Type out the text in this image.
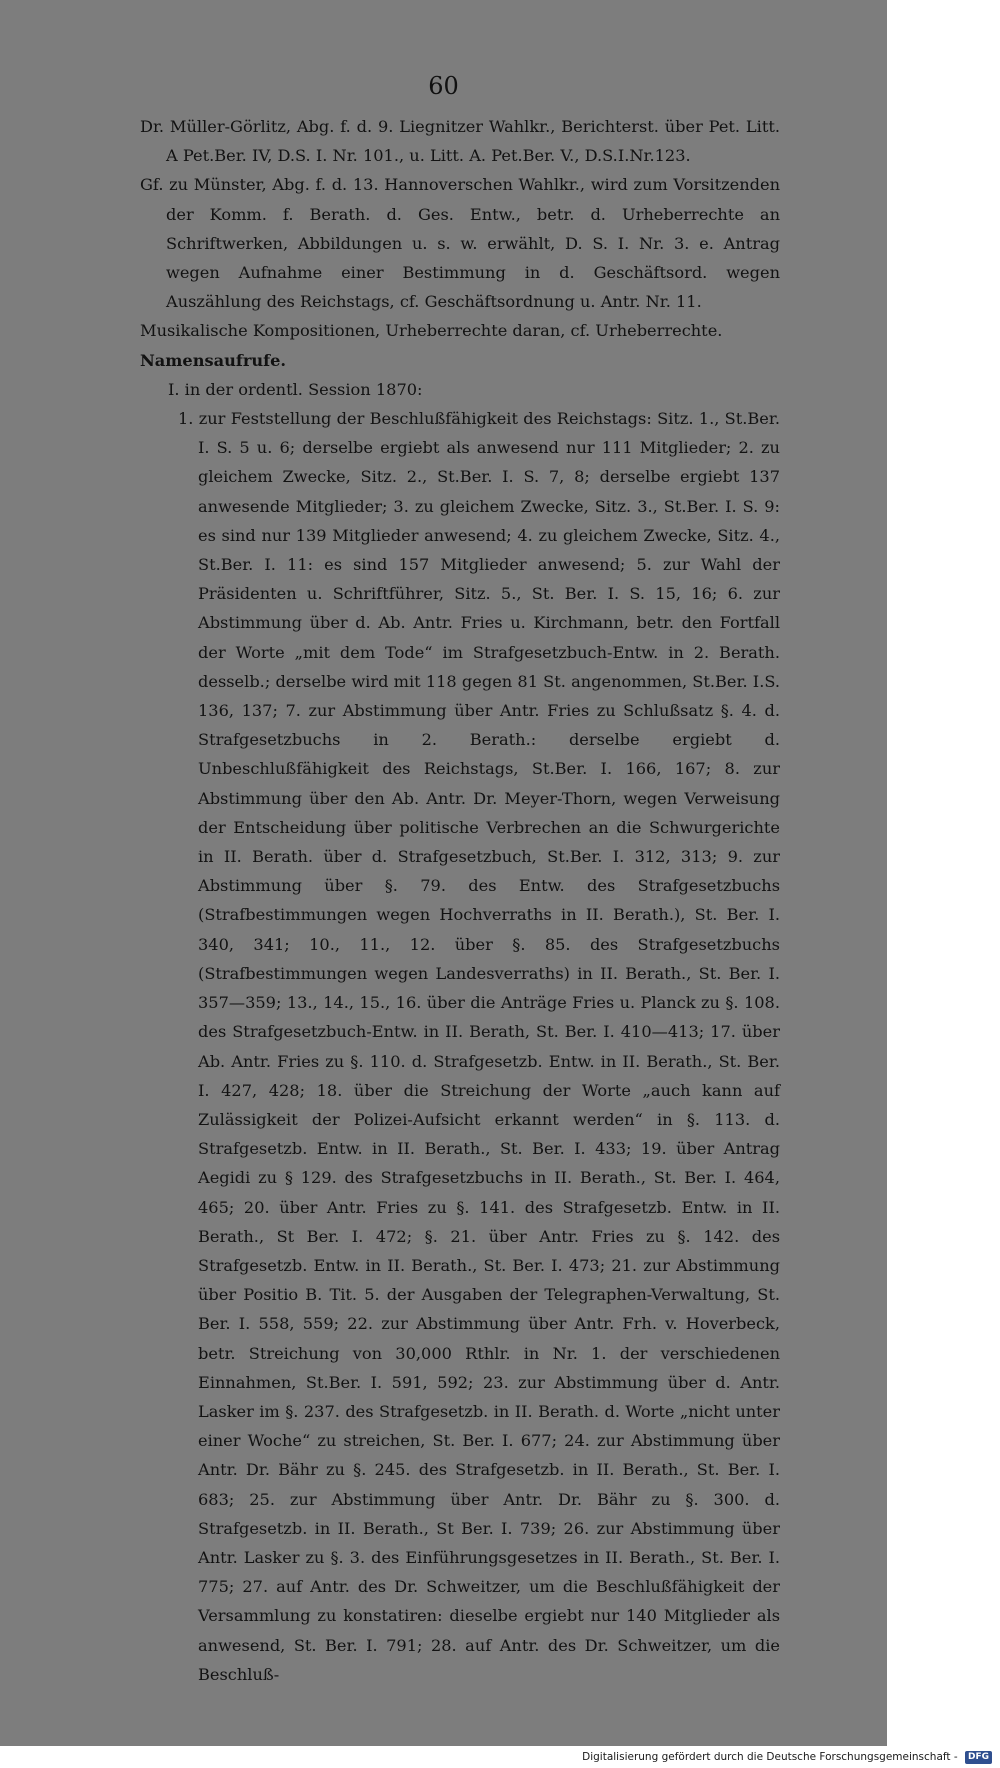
60

Dr. Müller-Görlitz, Abg. f. d. 9. Liegnitzer Wahlkr., Berichterst. über Pet. Litt. A Pet.Ber. IV, D.S. I. Nr. 101., u. Litt. A. Pet.Ber. V., D.S.I.Nr.123.

Gf. zu Münster, Abg. f. d. 13. Hannoverschen Wahlkr., wird zum Vorsitzenden der Komm. f. Berath. d. Ges. Entw., betr. d. Urheberrechte an Schriftwerken, Abbildungen u. s. w. erwählt, D. S. I. Nr. 3. e. Antrag wegen Aufnahme einer Bestimmung in d. Geschäftsord. wegen Auszählung des Reichstags, cf. Geschäftsordnung u. Antr. Nr. 11.

Musikalische Kompositionen, Urheberrechte daran, cf. Urheberrechte.

Namensaufrufe.

I. in der ordentl. Session 1870:

1. zur Feststellung der Beschlußfähigkeit des Reichstags: Sitz. 1., St.Ber. I. S. 5 u. 6; derselbe ergiebt als anwesend nur 111 Mitglieder; 2. zu gleichem Zwecke, Sitz. 2., St.Ber. I. S. 7, 8; derselbe ergiebt 137 anwesende Mitglieder; 3. zu gleichem Zwecke, Sitz. 3., St.Ber. I. S. 9: es sind nur 139 Mitglieder anwesend; 4. zu gleichem Zwecke, Sitz. 4., St.Ber. I. 11: es sind 157 Mitglieder anwesend; 5. zur Wahl der Präsidenten u. Schriftführer, Sitz. 5., St. Ber. I. S. 15, 16; 6. zur Abstimmung über d. Ab. Antr. Fries u. Kirchmann, betr. den Fortfall der Worte „mit dem Tode“ im Strafgesetzbuch-Entw. in 2. Berath. desselb.; derselbe wird mit 118 gegen 81 St. angenommen, St.Ber. I.S. 136, 137; 7. zur Abstimmung über Antr. Fries zu Schlußsatz §. 4. d. Strafgesetzbuchs in 2. Berath.: derselbe ergiebt d. Unbeschlußfähigkeit des Reichstags, St.Ber. I. 166, 167; 8. zur Abstimmung über den Ab. Antr. Dr. Meyer-Thorn, wegen Verweisung der Entscheidung über politische Verbrechen an die Schwurgerichte in II. Berath. über d. Strafgesetzbuch, St.Ber. I. 312, 313; 9. zur Abstimmung über §. 79. des Entw. des Strafgesetzbuchs (Strafbestimmungen wegen Hochverraths in II. Berath.), St. Ber. I. 340, 341; 10., 11., 12. über §. 85. des Strafgesetzbuchs (Strafbestimmungen wegen Landesverraths) in II. Berath., St. Ber. I. 357—359; 13., 14., 15., 16. über die Anträge Fries u. Planck zu §. 108. des Strafgesetzbuch-Entw. in II. Berath, St. Ber. I. 410—413; 17. über Ab. Antr. Fries zu §. 110. d. Strafgesetzb. Entw. in II. Berath., St. Ber. I. 427, 428; 18. über die Streichung der Worte „auch kann auf Zulässigkeit der Polizei-Aufsicht erkannt werden“ in §. 113. d. Strafgesetzb. Entw. in II. Berath., St. Ber. I. 433; 19. über Antrag Aegidi zu § 129. des Strafgesetzbuchs in II. Berath., St. Ber. I. 464, 465; 20. über Antr. Fries zu §. 141. des Strafgesetzb. Entw. in II. Berath., St Ber. I. 472; §. 21. über Antr. Fries zu §. 142. des Strafgesetzb. Entw. in II. Berath., St. Ber. I. 473; 21. zur Abstimmung über Positio B. Tit. 5. der Ausgaben der Telegraphen-Verwaltung, St. Ber. I. 558, 559; 22. zur Abstimmung über Antr. Frh. v. Hoverbeck, betr. Streichung von 30,000 Rthlr. in Nr. 1. der verschiedenen Einnahmen, St.Ber. I. 591, 592; 23. zur Abstimmung über d. Antr. Lasker im §. 237. des Strafgesetzb. in II. Berath. d. Worte „nicht unter einer Woche“ zu streichen, St. Ber. I. 677; 24. zur Abstimmung über Antr. Dr. Bähr zu §. 245. des Strafgesetzb. in II. Berath., St. Ber. I. 683; 25. zur Abstimmung über Antr. Dr. Bähr zu §. 300. d. Strafgesetzb. in II. Berath., St Ber. I. 739; 26. zur Abstimmung über Antr. Lasker zu §. 3. des Einführungsgesetzes in II. Berath., St. Ber. I. 775; 27. auf Antr. des Dr. Schweitzer, um die Beschlußfähigkeit der Versammlung zu konstatiren: dieselbe ergiebt nur 140 Mitglieder als anwesend, St. Ber. I. 791; 28. auf Antr. des Dr. Schweitzer, um die Beschluß-

Digitalisierung gefördert durch die Deutsche Forschungsgemeinschaft - DFG
